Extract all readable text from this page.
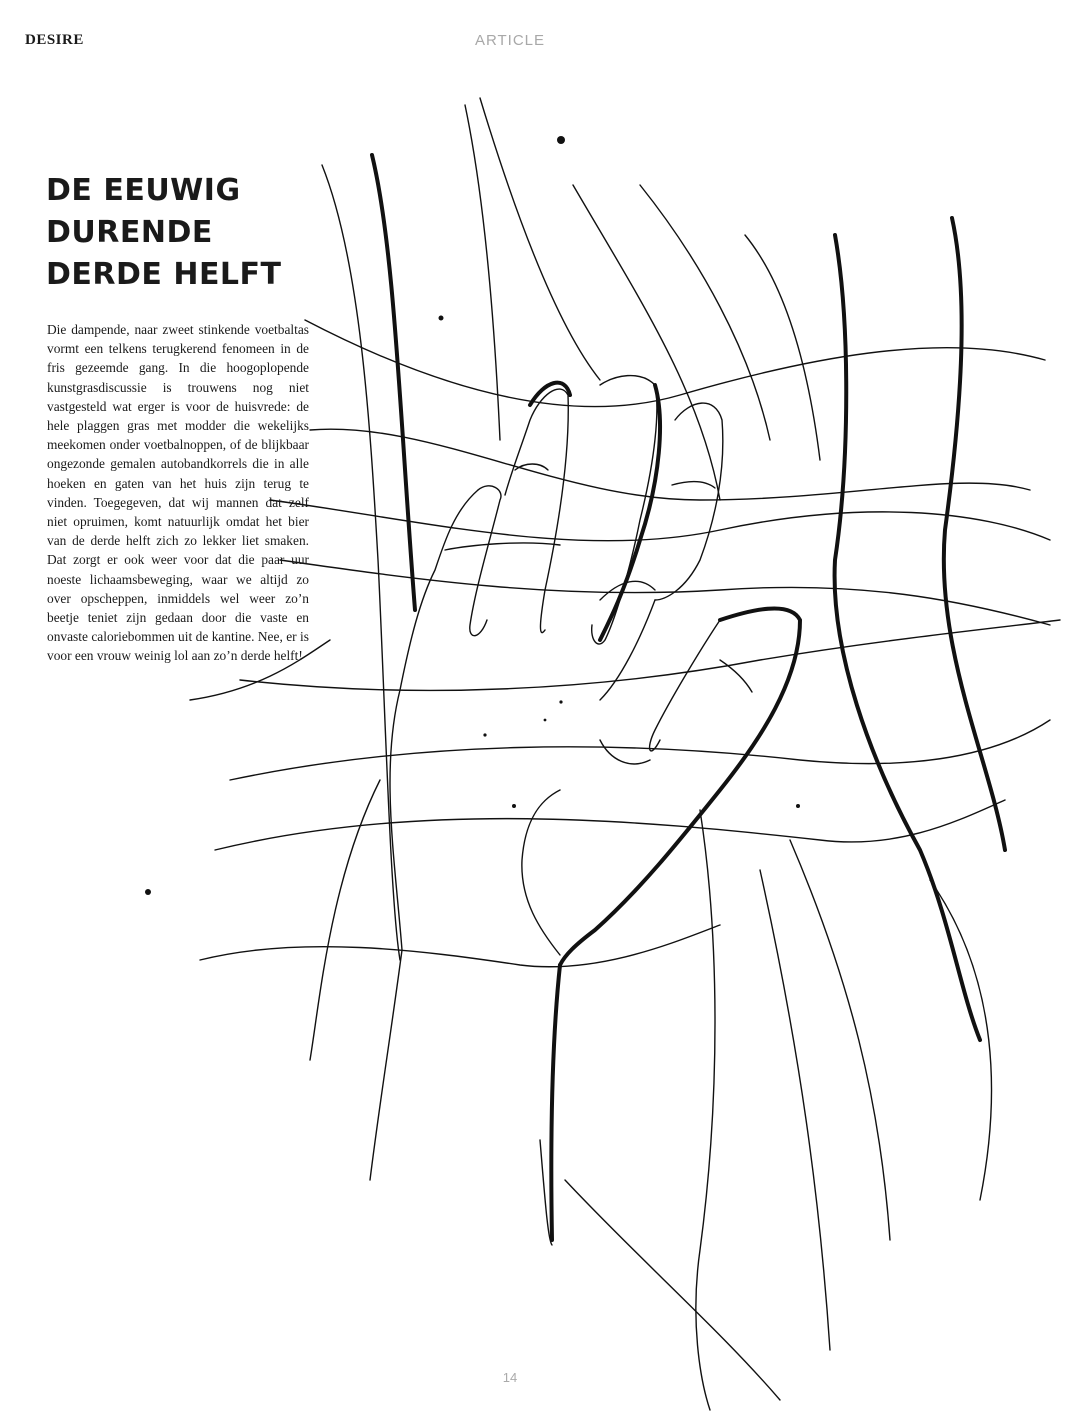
DESIRE	ARTICLE
DE EEUWIG
DURENDE
DERDE HELFT

Die dampende, naar zweet stinkende voetbaltas vormt een telkens terugkerend fenomeen in de fris gezeemde gang. In die hoogoplopende kunstgrasdiscussie is trouwens nog niet vastgesteld wat erger is voor de huisvrede: de hele plaggen gras met modder die wekelijks meekomen onder voetbalnoppen, of de blijkbaar ongezonde gemalen autobandkorrels die in alle hoeken en gaten van het huis zijn terug te vinden. Toegegeven, dat wij mannen dat zelf niet opruimen, komt natuurlijk omdat het bier van de derde helft zich zo lekker liet smaken. Dat zorgt er ook weer voor dat die paar uur noeste lichaamsbeweging, waar we altijd zo over opscheppen, inmiddels wel weer zo’n beetje teniet zijn gedaan door die vaste en onvaste caloriebommen uit de kantine. Nee, er is voor een vrouw weinig lol aan zo’n derde helft!

14
